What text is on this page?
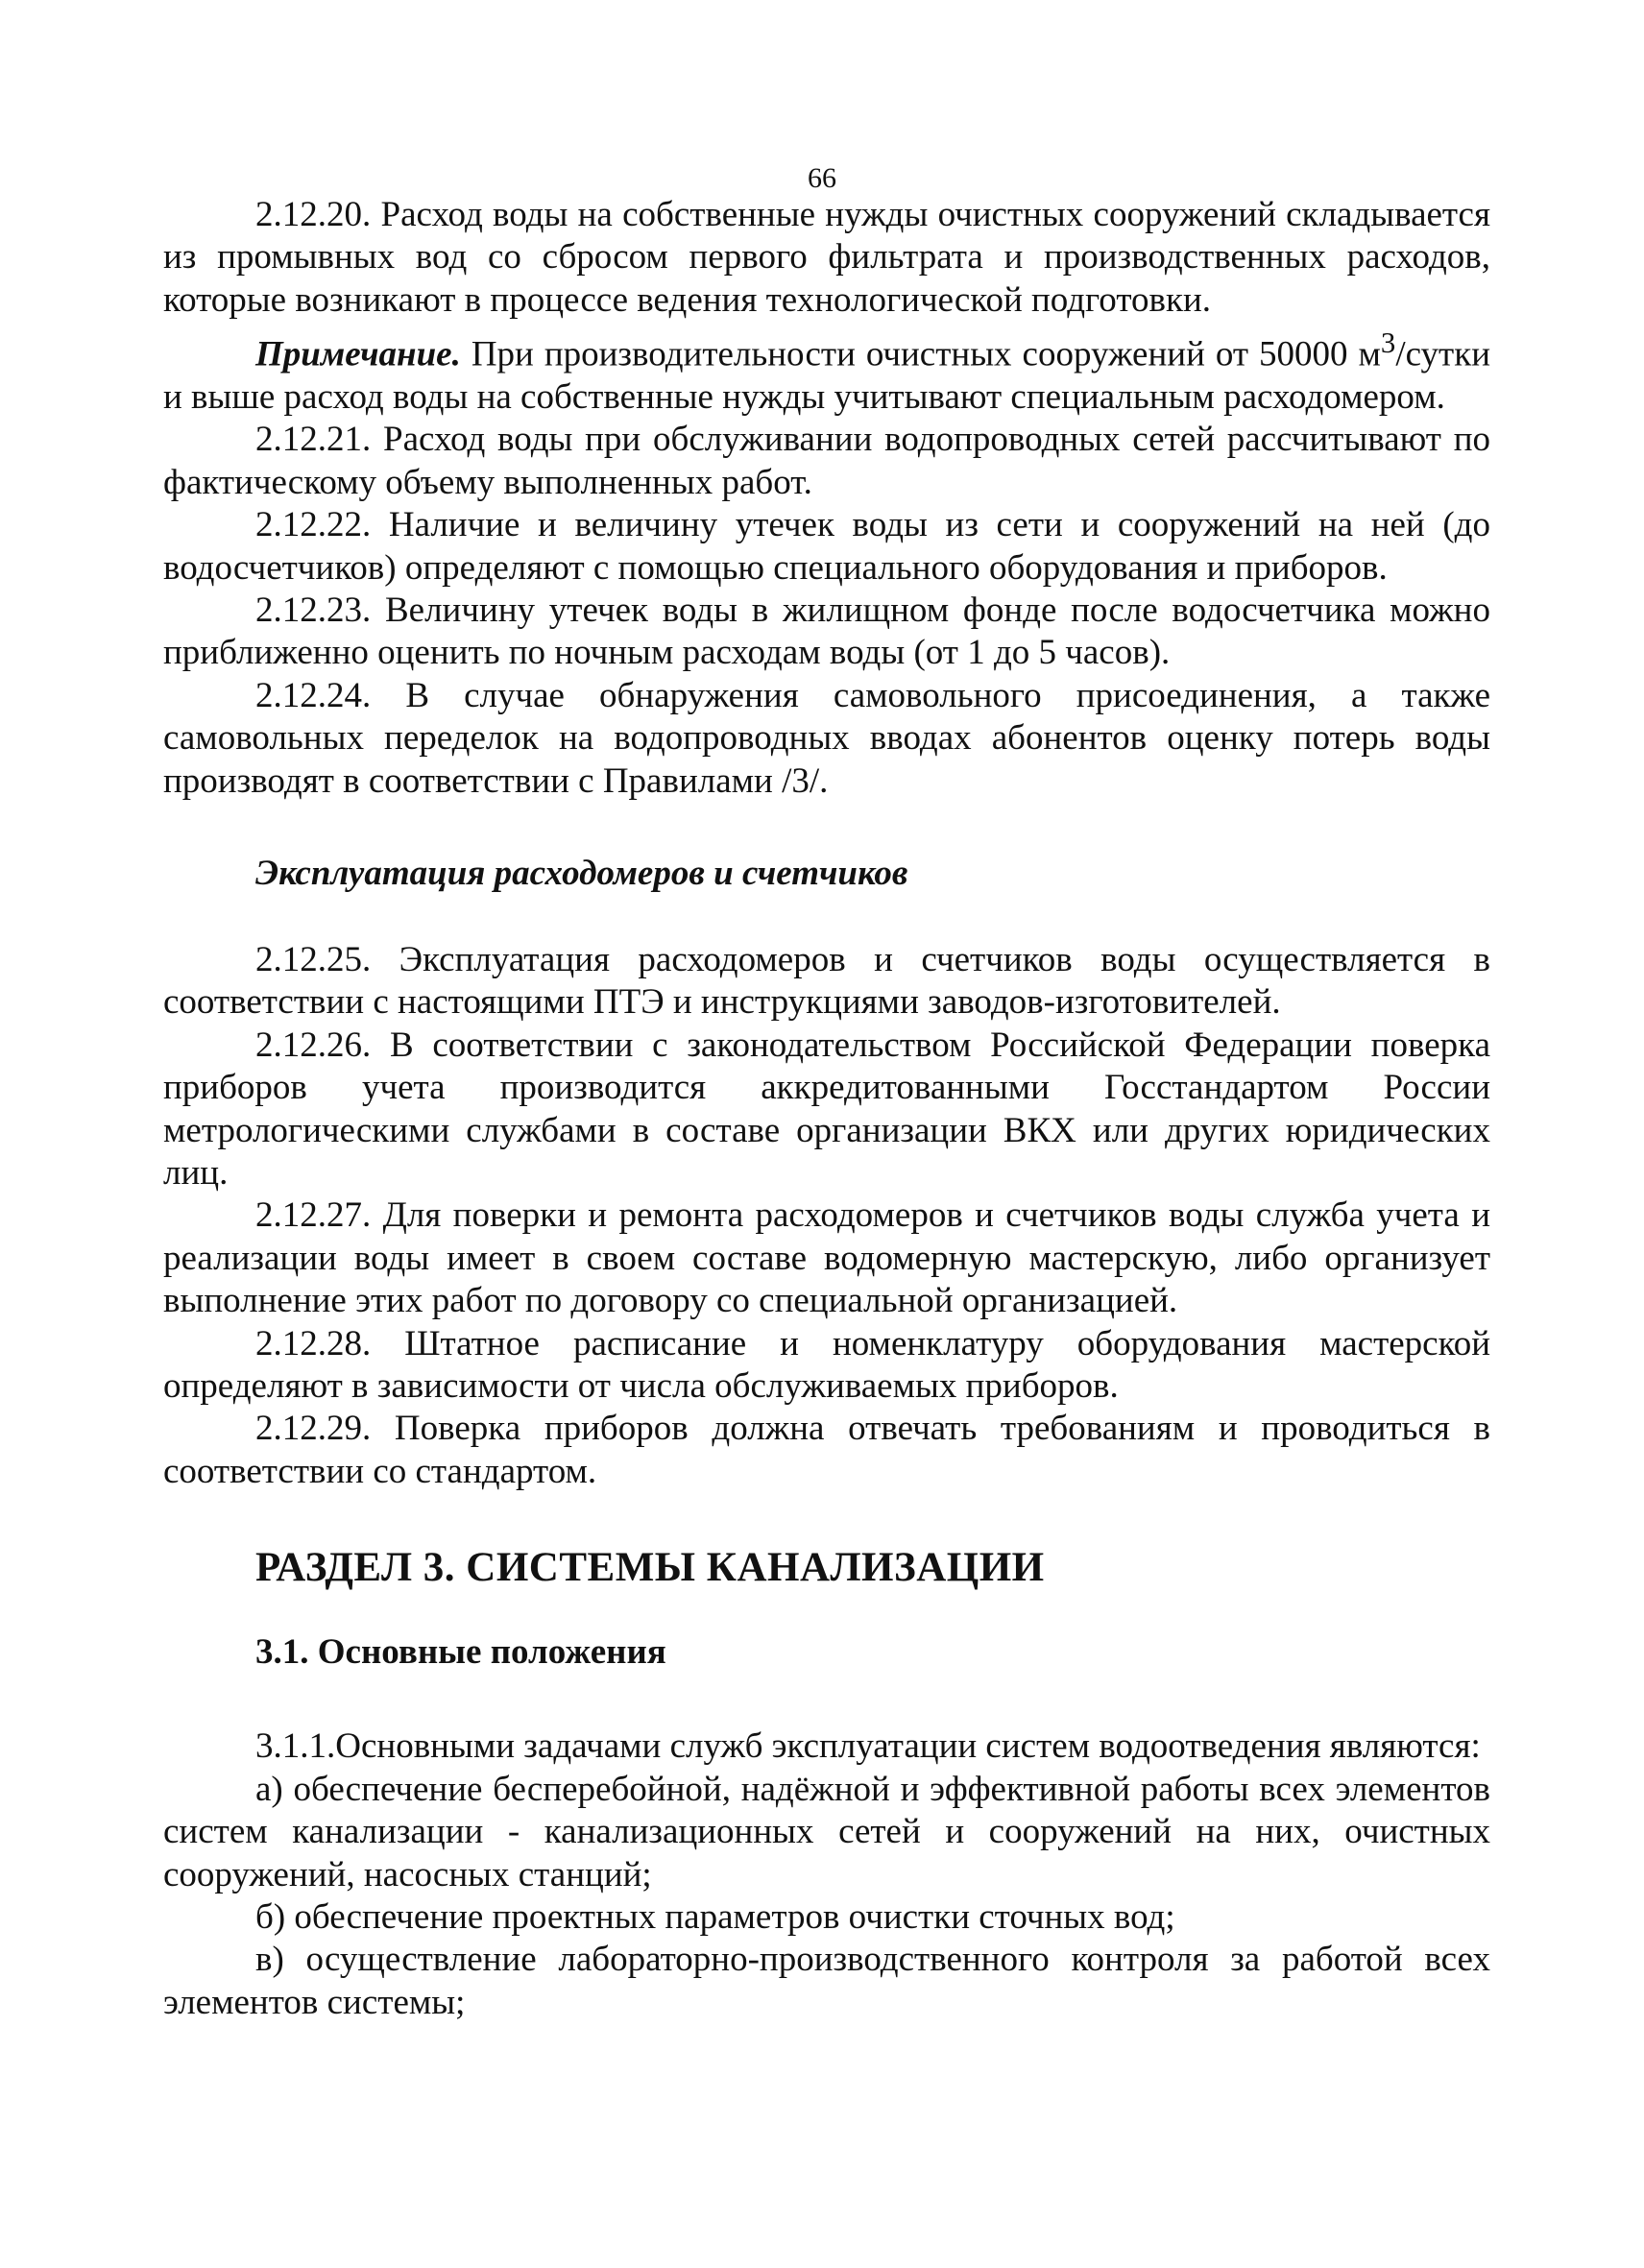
66

2.12.20. Расход воды на собственные нужды очистных сооружений складывается из промывных вод со сбросом первого фильтрата и производственных расходов, которые возникают в процессе ведения технологической подготовки.

Примечание. При производительности очистных сооружений от 50000 $м^3$/сутки и выше расход воды на собственные нужды учитывают специальным расходомером.

2.12.21. Расход воды при обслуживании водопроводных сетей рассчитывают по фактическому объему выполненных работ.

2.12.22. Наличие и величину утечек воды из сети и сооружений на ней (до водосчетчиков) определяют с помощью специального оборудования и приборов.

2.12.23. Величину утечек воды в жилищном фонде после водосчетчика можно приближенно оценить по ночным расходам воды (от 1 до 5 часов).

2.12.24. В случае обнаружения самовольного присоединения, а также самовольных переделок на водопроводных вводах абонентов оценку потерь воды производят в соответствии с Правилами /3/.

Эксплуатация расходомеров и счетчиков

2.12.25. Эксплуатация расходомеров и счетчиков воды осуществляется в соответствии с настоящими ПТЭ и инструкциями заводов-изготовителей.

2.12.26. В соответствии с законодательством Российской Федерации поверка приборов учета производится аккредитованными Госстандартом России метрологическими службами в составе организации ВКХ или других юридических лиц.

2.12.27. Для поверки и ремонта расходомеров и счетчиков воды служба учета и реализации воды имеет в своем составе водомерную мастерскую, либо организует выполнение этих работ по договору со специальной организацией.

2.12.28. Штатное расписание и номенклатуру оборудования мастерской определяют в зависимости от числа обслуживаемых приборов.

2.12.29. Поверка приборов должна отвечать требованиям и проводиться в соответствии со стандартом.

РАЗДЕЛ 3. СИСТЕМЫ КАНАЛИЗАЦИИ
3.1. Основные положения

3.1.1.Основными задачами служб эксплуатации систем водоотведения являются:

а) обеспечение бесперебойной, надёжной и эффективной работы всех элементов систем канализации - канализационных сетей и сооружений на них, очистных сооружений, насосных станций;

б) обеспечение проектных параметров очистки сточных вод;

в) осуществление лабораторно-производственного контроля за работой всех элементов системы;
